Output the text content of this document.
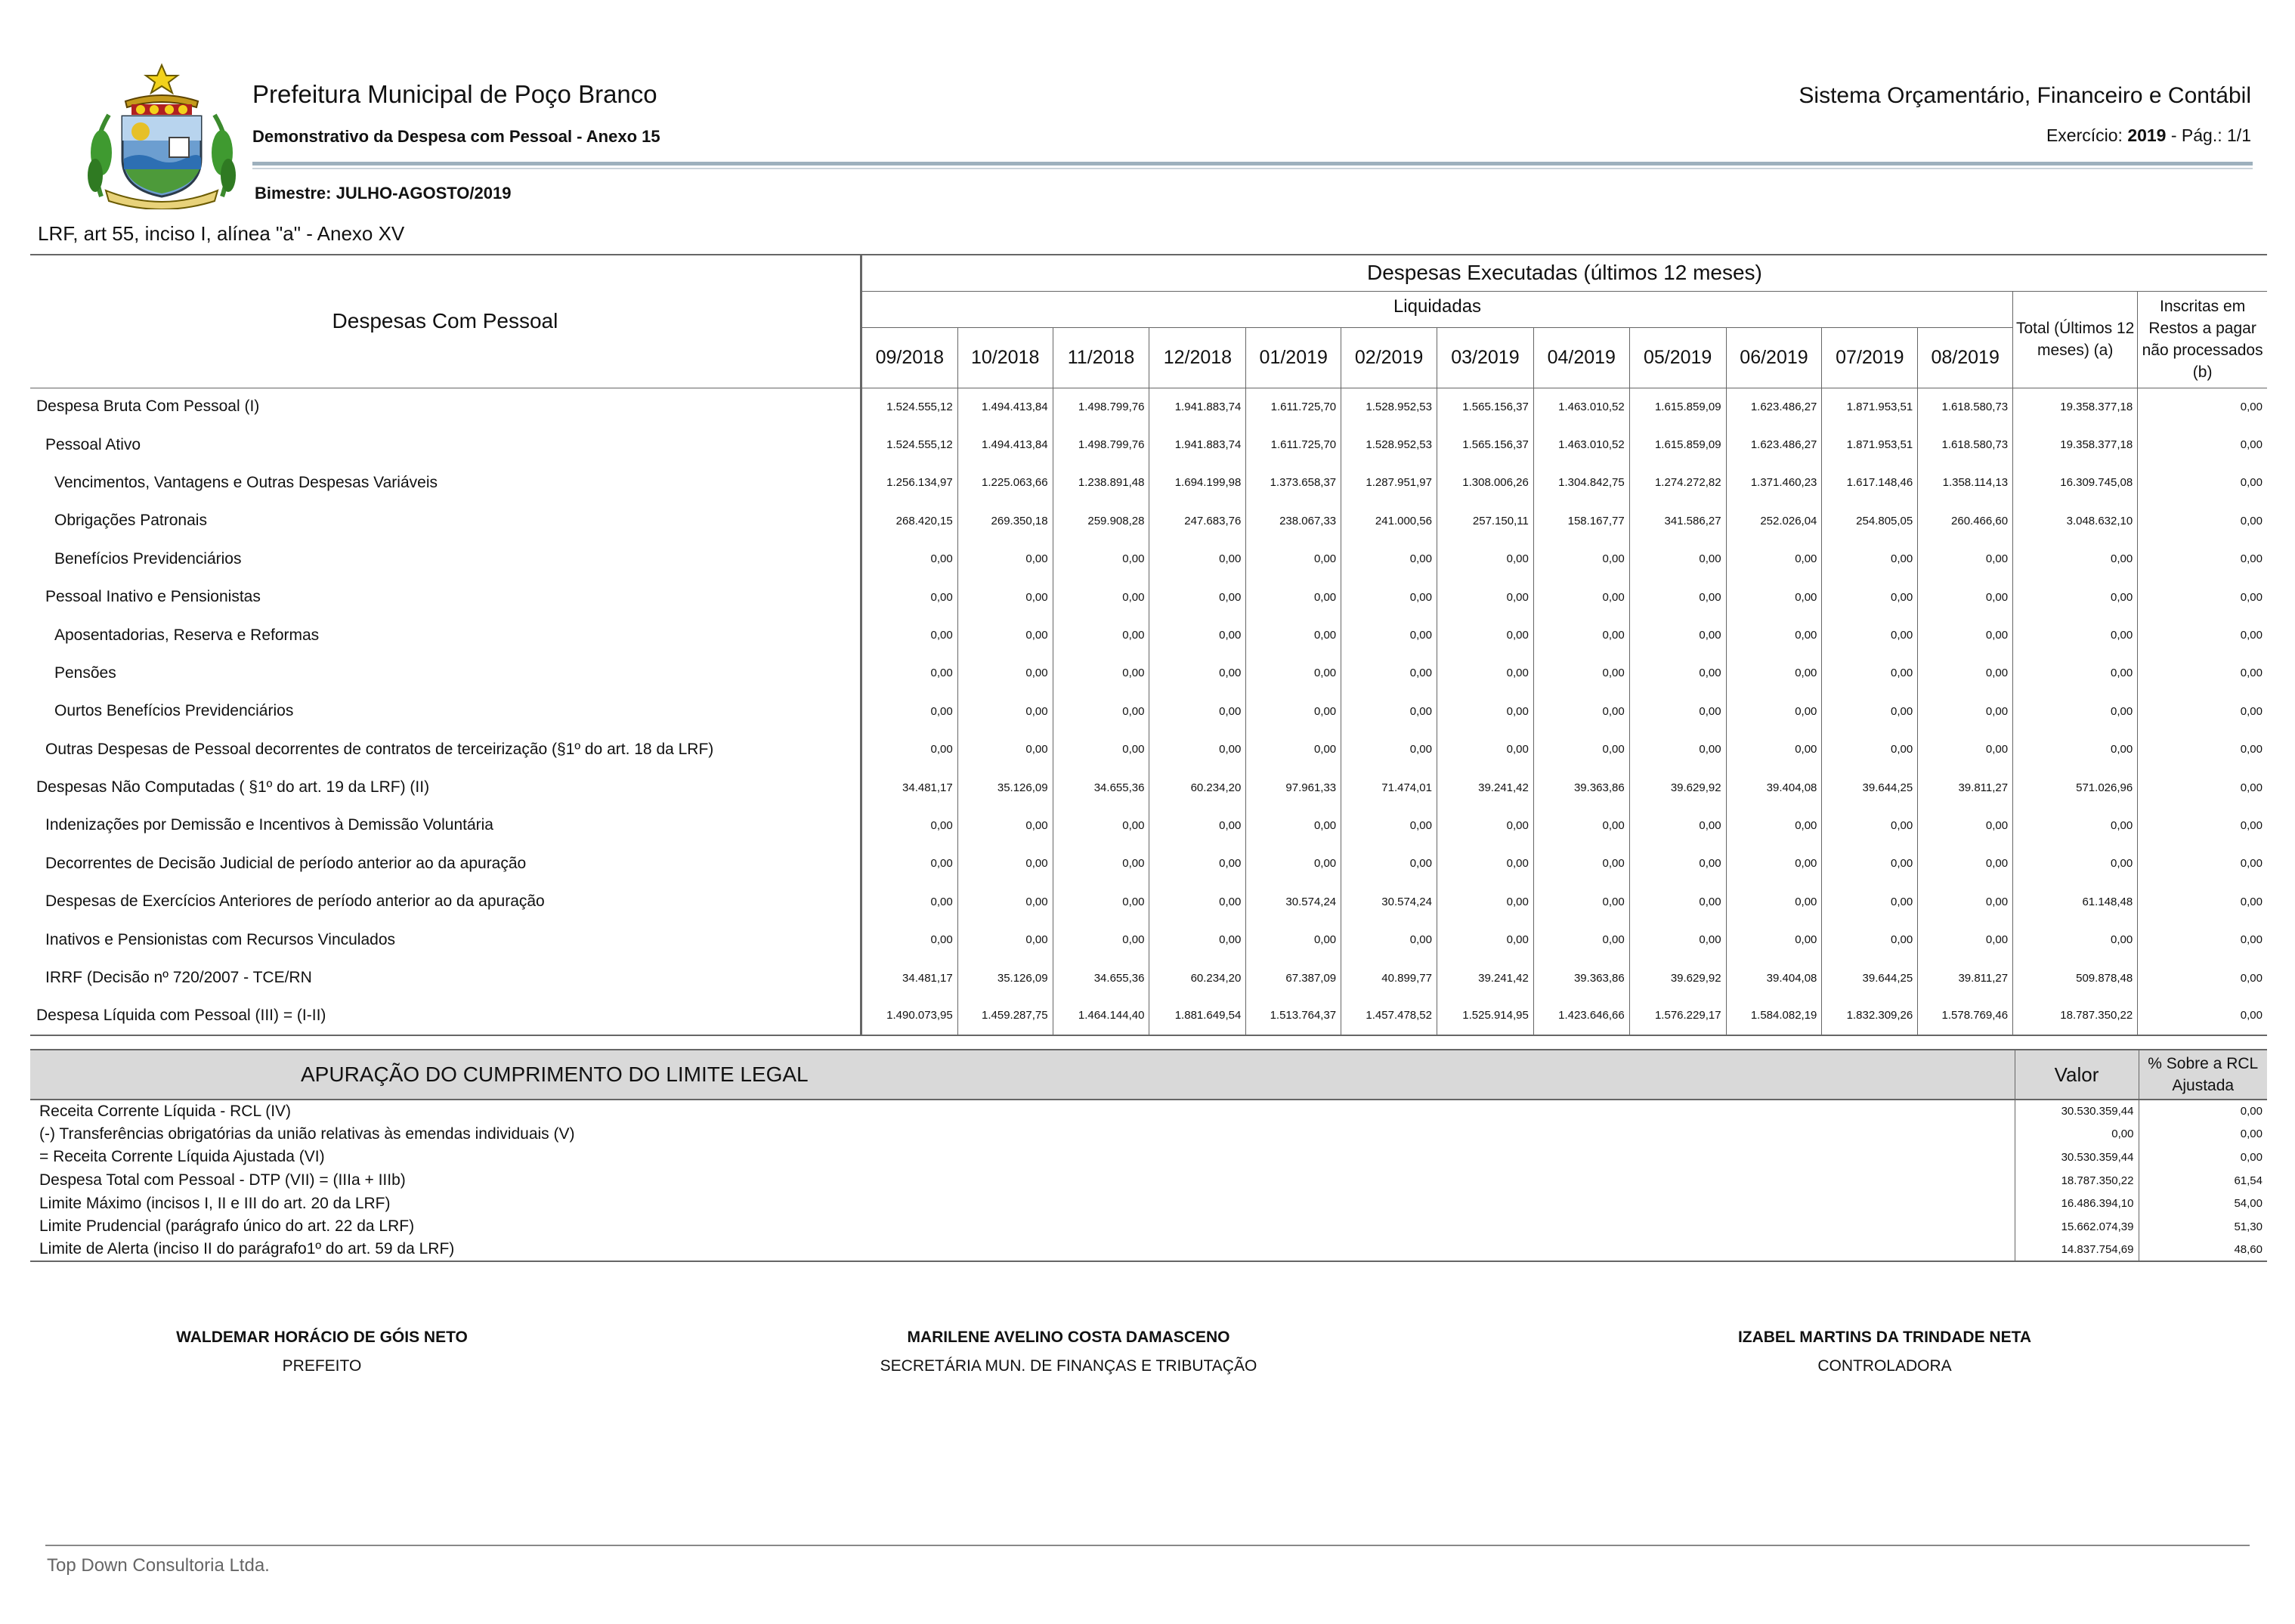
Prefeitura Municipal de Poço Branco
Demonstrativo da Despesa com Pessoal - Anexo 15
Sistema Orçamentário, Financeiro e Contábil
Exercício: 2019 - Pág.: 1/1
Bimestre: JULHO-AGOSTO/2019
LRF, art 55, inciso I, alínea "a" - Anexo XV
Despesas Com Pessoal	Despesas Executadas (últimos 12 meses)													
	Liquidadas												Total (Últimos 12 meses) (a)	Inscritas em Restos a pagar não processados (b)
	09/2018	10/2018	11/2018	12/2018	01/2019	02/2019	03/2019	04/2019	05/2019	06/2019	07/2019	08/2019		
Despesa Bruta Com Pessoal (I)	1.524.555,12	1.494.413,84	1.498.799,76	1.941.883,74	1.611.725,70	1.528.952,53	1.565.156,37	1.463.010,52	1.615.859,09	1.623.486,27	1.871.953,51	1.618.580,73	19.358.377,18	0,00
Pessoal Ativo	1.524.555,12	1.494.413,84	1.498.799,76	1.941.883,74	1.611.725,70	1.528.952,53	1.565.156,37	1.463.010,52	1.615.859,09	1.623.486,27	1.871.953,51	1.618.580,73	19.358.377,18	0,00
Vencimentos, Vantagens e Outras Despesas Variáveis	1.256.134,97	1.225.063,66	1.238.891,48	1.694.199,98	1.373.658,37	1.287.951,97	1.308.006,26	1.304.842,75	1.274.272,82	1.371.460,23	1.617.148,46	1.358.114,13	16.309.745,08	0,00
Obrigações Patronais	268.420,15	269.350,18	259.908,28	247.683,76	238.067,33	241.000,56	257.150,11	158.167,77	341.586,27	252.026,04	254.805,05	260.466,60	3.048.632,10	0,00
Benefícios Previdenciários	0,00	0,00	0,00	0,00	0,00	0,00	0,00	0,00	0,00	0,00	0,00	0,00	0,00	0,00
Pessoal Inativo e Pensionistas	0,00	0,00	0,00	0,00	0,00	0,00	0,00	0,00	0,00	0,00	0,00	0,00	0,00	0,00
Aposentadorias, Reserva e Reformas	0,00	0,00	0,00	0,00	0,00	0,00	0,00	0,00	0,00	0,00	0,00	0,00	0,00	0,00
Pensões	0,00	0,00	0,00	0,00	0,00	0,00	0,00	0,00	0,00	0,00	0,00	0,00	0,00	0,00
Ourtos Benefícios Previdenciários	0,00	0,00	0,00	0,00	0,00	0,00	0,00	0,00	0,00	0,00	0,00	0,00	0,00	0,00
Outras Despesas de Pessoal decorrentes de contratos de terceirização (§1º do art. 18 da LRF)	0,00	0,00	0,00	0,00	0,00	0,00	0,00	0,00	0,00	0,00	0,00	0,00	0,00	0,00
Despesas Não Computadas ( §1º do art. 19 da LRF) (II)	34.481,17	35.126,09	34.655,36	60.234,20	97.961,33	71.474,01	39.241,42	39.363,86	39.629,92	39.404,08	39.644,25	39.811,27	571.026,96	0,00
Indenizações por Demissão e Incentivos à Demissão Voluntária	0,00	0,00	0,00	0,00	0,00	0,00	0,00	0,00	0,00	0,00	0,00	0,00	0,00	0,00
Decorrentes de Decisão Judicial de período anterior ao da apuração	0,00	0,00	0,00	0,00	0,00	0,00	0,00	0,00	0,00	0,00	0,00	0,00	0,00	0,00
Despesas de Exercícios Anteriores de período anterior ao da apuração	0,00	0,00	0,00	0,00	30.574,24	30.574,24	0,00	0,00	0,00	0,00	0,00	0,00	61.148,48	0,00
Inativos e Pensionistas com Recursos Vinculados	0,00	0,00	0,00	0,00	0,00	0,00	0,00	0,00	0,00	0,00	0,00	0,00	0,00	0,00
IRRF (Decisão nº 720/2007 - TCE/RN	34.481,17	35.126,09	34.655,36	60.234,20	67.387,09	40.899,77	39.241,42	39.363,86	39.629,92	39.404,08	39.644,25	39.811,27	509.878,48	0,00
Despesa Líquida com Pessoal (III) = (I-II)	1.490.073,95	1.459.287,75	1.464.144,40	1.881.649,54	1.513.764,37	1.457.478,52	1.525.914,95	1.423.646,66	1.576.229,17	1.584.082,19	1.832.309,26	1.578.769,46	18.787.350,22	0,00
APURAÇÃO DO CUMPRIMENTO DO LIMITE LEGAL	Valor	% Sobre a RCL Ajustada
Receita Corrente Líquida - RCL (IV)	30.530.359,44	0,00
(-) Transferências obrigatórias da união relativas às emendas individuais (V)	0,00	0,00
= Receita Corrente Líquida Ajustada (VI)	30.530.359,44	0,00
Despesa Total com Pessoal - DTP (VII) = (IIIa + IIIb)	18.787.350,22	61,54
Limite Máximo (incisos I, II e III do art. 20 da LRF)	16.486.394,10	54,00
Limite Prudencial (parágrafo único do art. 22 da LRF)	15.662.074,39	51,30
Limite de Alerta (inciso II do parágrafo1º do art. 59 da LRF)	14.837.754,69	48,60
WALDEMAR HORÁCIO DE GÓIS NETO
PREFEITO
MARILENE AVELINO COSTA DAMASCENO
SECRETÁRIA MUN. DE FINANÇAS E TRIBUTAÇÃO
IZABEL MARTINS DA TRINDADE NETA
CONTROLADORA
Top Down Consultoria Ltda.
